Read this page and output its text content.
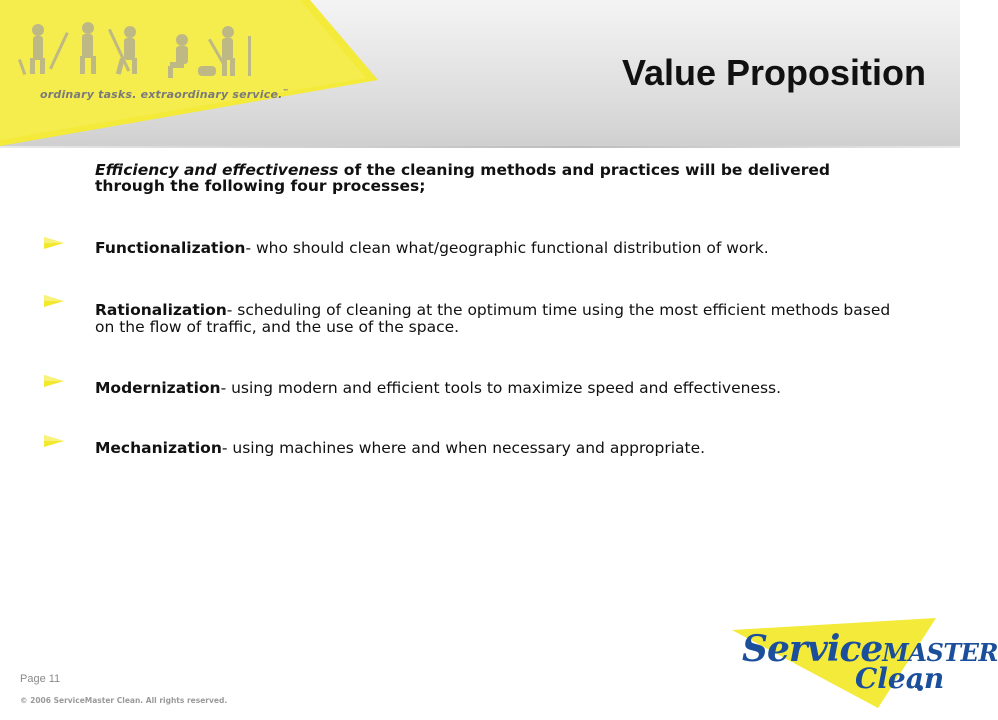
ordinary tasks. extraordinary service.™	Value Proposition
Efficiency and effectiveness of the cleaning methods and practices will be delivered through the following four processes;
Functionalization- who should clean what/geographic functional distribution of work.
Rationalization- scheduling of cleaning at the optimum time using the most efficient methods based on the flow of traffic, and the use of the space.
Modernization- using modern and efficient tools to maximize speed and effectiveness.
Mechanization- using machines where and when necessary and appropriate.
Page 11
© 2006 ServiceMaster Clean. All rights reserved.
ServiceMASTER
Clean
